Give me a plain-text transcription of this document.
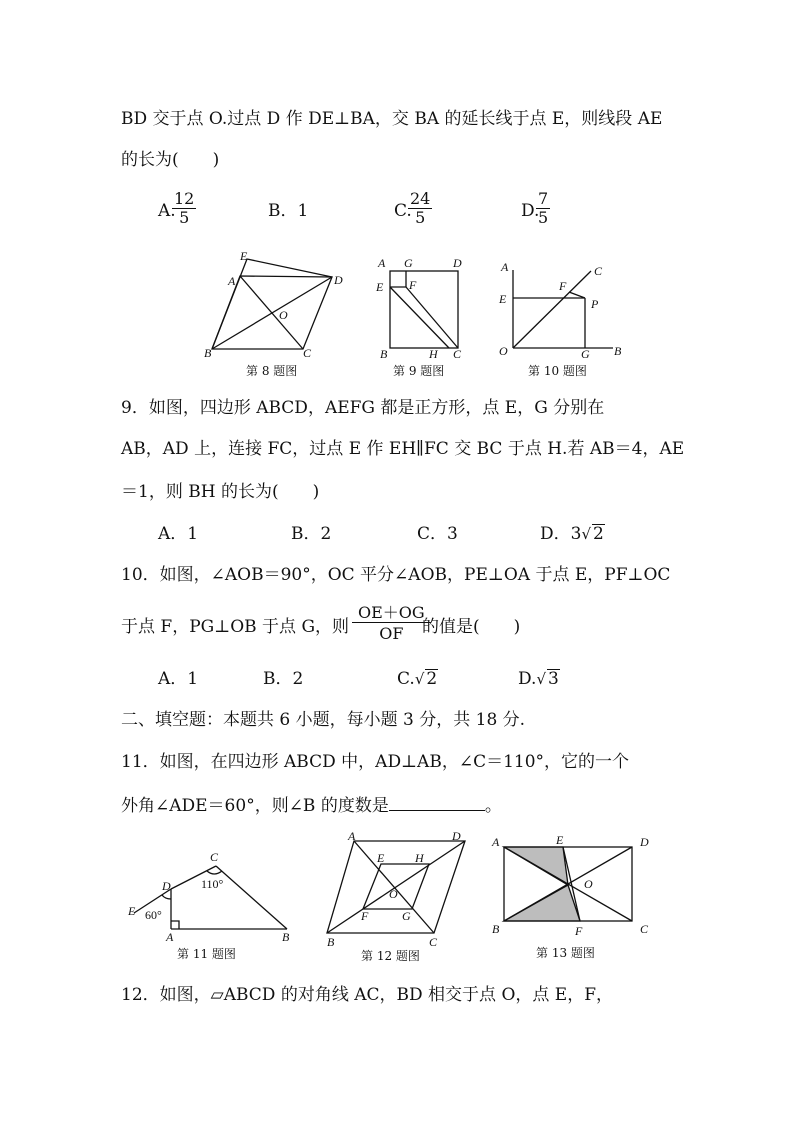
BD 交于点 O.过点 D 作 DE⊥BA，交 BA 的延长线于点 E，则线段 AE
的长为(　　)
A.
$\frac{12}{5}$	B．1	C.
$\frac{24}{5}$	D.
$\frac{7}{5}$
E
A	D
O
B	C
第 8 题图
A G	D
E F
B	H C
第 9 题图
A
E
F
C
P
O	G B
第 10 题图
9．如图，四边形 ABCD，AEFG 都是正方形，点 E，G 分别在
AB，AD 上，连接 FC，过点 E 作 EH∥FC 交 BC 于点 H.若 AB＝4，AE
＝1，则 BH 的长为(　　)
A．1	B．2	C．3	D．3√ 2
10．如图，∠AOB＝90°，OC 平分∠AOB，PE⊥OA 于点 E，PF⊥OC
于点 F，PG⊥OB 于点 G，则 $\frac{OE+OG}{OF}$
的值是(　　)
A．1	B．2	C.√ 2	D.√ 3
二、填空题：本题共 6 小题，每小题 3 分，共 18 分.
11．如图，在四边形 ABCD 中，AD⊥AB，∠C＝110°，它的一个
外角∠ADE＝60°，则∠B 的度数是	。
C
D	110°
E 60°
A	B
第 11 题图
A	D
E	H
O
F	G
B	C
第 12 题图
A	E	D
O
B	F	C
第 13 题图
12．如图，▱ABCD 的对角线 AC，BD 相交于点 O，点 E，F，
